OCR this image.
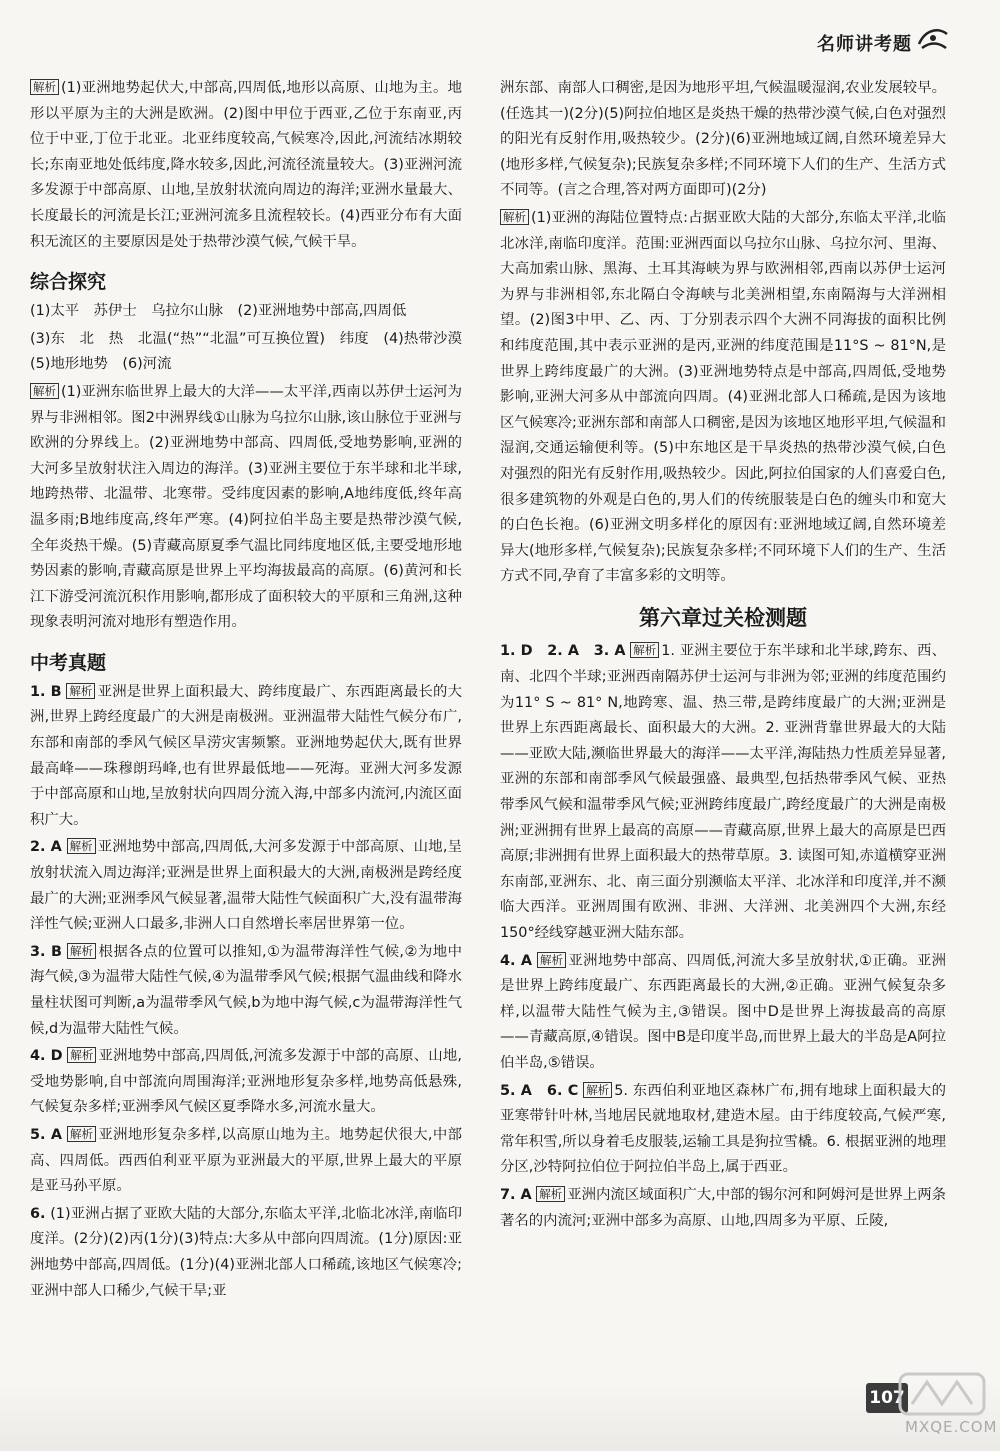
名师讲考题

解析 (1)亚洲地势起伏大,中部高,四周低,地形以高原、山地为主。地形以平原为主的大洲是欧洲。(2)图中甲位于西亚,乙位于东南亚,丙位于中亚,丁位于北亚。北亚纬度较高,气候寒冷,因此,河流结冰期较长;东南亚地处低纬度,降水较多,因此,河流径流量较大。(3)亚洲河流多发源于中部高原、山地,呈放射状流向周边的海洋;亚洲水量最大、长度最长的河流是长江;亚洲河流多且流程较长。(4)西亚分布有大面积无流区的主要原因是处于热带沙漠气候,气候干旱。

综合探究

(1)太平　苏伊士　乌拉尔山脉　(2)亚洲地势中部高,四周低

(3)东　北　热　北温(“热”“北温”可互换位置)　纬度　(4)热带沙漠　(5)地形地势　(6)河流

解析 (1)亚洲东临世界上最大的大洋——太平洋,西南以苏伊士运河为界与非洲相邻。图2中洲界线①山脉为乌拉尔山脉,该山脉位于亚洲与欧洲的分界线上。(2)亚洲地势中部高、四周低,受地势影响,亚洲的大河多呈放射状注入周边的海洋。(3)亚洲主要位于东半球和北半球,地跨热带、北温带、北寒带。受纬度因素的影响,A地纬度低,终年高温多雨;B地纬度高,终年严寒。(4)阿拉伯半岛主要是热带沙漠气候,全年炎热干燥。(5)青藏高原夏季气温比同纬度地区低,主要受地形地势因素的影响,青藏高原是世界上平均海拔最高的高原。(6)黄河和长江下游受河流沉积作用影响,都形成了面积较大的平原和三角洲,这种现象表明河流对地形有塑造作用。

中考真题

1. B 解析 亚洲是世界上面积最大、跨纬度最广、东西距离最长的大洲,世界上跨经度最广的大洲是南极洲。亚洲温带大陆性气候分布广,东部和南部的季风气候区旱涝灾害频繁。亚洲地势起伏大,既有世界最高峰——珠穆朗玛峰,也有世界最低地——死海。亚洲大河多发源于中部高原和山地,呈放射状向四周分流入海,中部多内流河,内流区面积广大。

2. A 解析 亚洲地势中部高,四周低,大河多发源于中部高原、山地,呈放射状流入周边海洋;亚洲是世界上面积最大的大洲,南极洲是跨经度最广的大洲;亚洲季风气候显著,温带大陆性气候面积广大,没有温带海洋性气候;亚洲人口最多,非洲人口自然增长率居世界第一位。

3. B 解析 根据各点的位置可以推知,①为温带海洋性气候,②为地中海气候,③为温带大陆性气候,④为温带季风气候;根据气温曲线和降水量柱状图可判断,a为温带季风气候,b为地中海气候,c为温带海洋性气候,d为温带大陆性气候。

4. D 解析 亚洲地势中部高,四周低,河流多发源于中部的高原、山地,受地势影响,自中部流向周围海洋;亚洲地形复杂多样,地势高低悬殊,气候复杂多样;亚洲季风气候区夏季降水多,河流水量大。

5. A 解析 亚洲地形复杂多样,以高原山地为主。地势起伏很大,中部高、四周低。西西伯利亚平原为亚洲最大的平原,世界上最大的平原是亚马孙平原。

6. (1)亚洲占据了亚欧大陆的大部分,东临太平洋,北临北冰洋,南临印度洋。(2分)(2)丙(1分)(3)特点:大多从中部向四周流。(1分)原因:亚洲地势中部高,四周低。(1分)(4)亚洲北部人口稀疏,该地区气候寒冷;亚洲中部人口稀少,气候干旱;亚

洲东部、南部人口稠密,是因为地形平坦,气候温暖湿润,农业发展较早。(任选其一)(2分)(5)阿拉伯地区是炎热干燥的热带沙漠气候,白色对强烈的阳光有反射作用,吸热较少。(2分)(6)亚洲地域辽阔,自然环境差异大(地形多样,气候复杂);民族复杂多样;不同环境下人们的生产、生活方式不同等。(言之合理,答对两方面即可)(2分)

解析 (1)亚洲的海陆位置特点:占据亚欧大陆的大部分,东临太平洋,北临北冰洋,南临印度洋。范围:亚洲西面以乌拉尔山脉、乌拉尔河、里海、大高加索山脉、黑海、土耳其海峡为界与欧洲相邻,西南以苏伊士运河为界与非洲相邻,东北隔白令海峡与北美洲相望,东南隔海与大洋洲相望。(2)图3中甲、乙、丙、丁分别表示四个大洲不同海拔的面积比例和纬度范围,其中表示亚洲的是丙,亚洲的纬度范围是11°S ~ 81°N,是世界上跨纬度最广的大洲。(3)亚洲地势特点是中部高,四周低,受地势影响,亚洲大河多从中部流向四周。(4)亚洲北部人口稀疏,是因为该地区气候寒冷;亚洲东部和南部人口稠密,是因为该地区地形平坦,气候温和湿润,交通运输便利等。(5)中东地区是干旱炎热的热带沙漠气候,白色对强烈的阳光有反射作用,吸热较少。因此,阿拉伯国家的人们喜爱白色,很多建筑物的外观是白色的,男人们的传统服装是白色的缠头巾和宽大的白色长袍。(6)亚洲文明多样化的原因有:亚洲地域辽阔,自然环境差异大(地形多样,气候复杂);民族复杂多样;不同环境下人们的生产、生活方式不同,孕育了丰富多彩的文明等。

第六章过关检测题

1. D　2. A　3. A 解析 1. 亚洲主要位于东半球和北半球,跨东、西、南、北四个半球;亚洲西南隔苏伊士运河与非洲为邻;亚洲的纬度范围约为11° S ~ 81° N,地跨寒、温、热三带,是跨纬度最广的大洲;亚洲是世界上东西距离最长、面积最大的大洲。2. 亚洲背靠世界最大的大陆——亚欧大陆,濒临世界最大的海洋——太平洋,海陆热力性质差异显著,亚洲的东部和南部季风气候最强盛、最典型,包括热带季风气候、亚热带季风气候和温带季风气候;亚洲跨纬度最广,跨经度最广的大洲是南极洲;亚洲拥有世界上最高的高原——青藏高原,世界上最大的高原是巴西高原;非洲拥有世界上面积最大的热带草原。3. 读图可知,赤道横穿亚洲东南部,亚洲东、北、南三面分别濒临太平洋、北冰洋和印度洋,并不濒临大西洋。亚洲周围有欧洲、非洲、大洋洲、北美洲四个大洲,东经150°经线穿越亚洲大陆东部。

4. A 解析 亚洲地势中部高、四周低,河流大多呈放射状,①正确。亚洲是世界上跨纬度最广、东西距离最长的大洲,②正确。亚洲气候复杂多样,以温带大陆性气候为主,③错误。图中D是世界上海拔最高的高原——青藏高原,④错误。图中B是印度半岛,而世界上最大的半岛是A阿拉伯半岛,⑤错误。

5. A　6. C 解析 5. 东西伯利亚地区森林广布,拥有地球上面积最大的亚寒带针叶林,当地居民就地取材,建造木屋。由于纬度较高,气候严寒,常年积雪,所以身着毛皮服装,运输工具是狗拉雪橇。6. 根据亚洲的地理分区,沙特阿拉伯位于阿拉伯半岛上,属于西亚。

7. A 解析 亚洲内流区域面积广大,中部的锡尔河和阿姆河是世界上两条著名的内流河;亚洲中部多为高原、山地,四周多为平原、丘陵,

107
MXQE.COM
